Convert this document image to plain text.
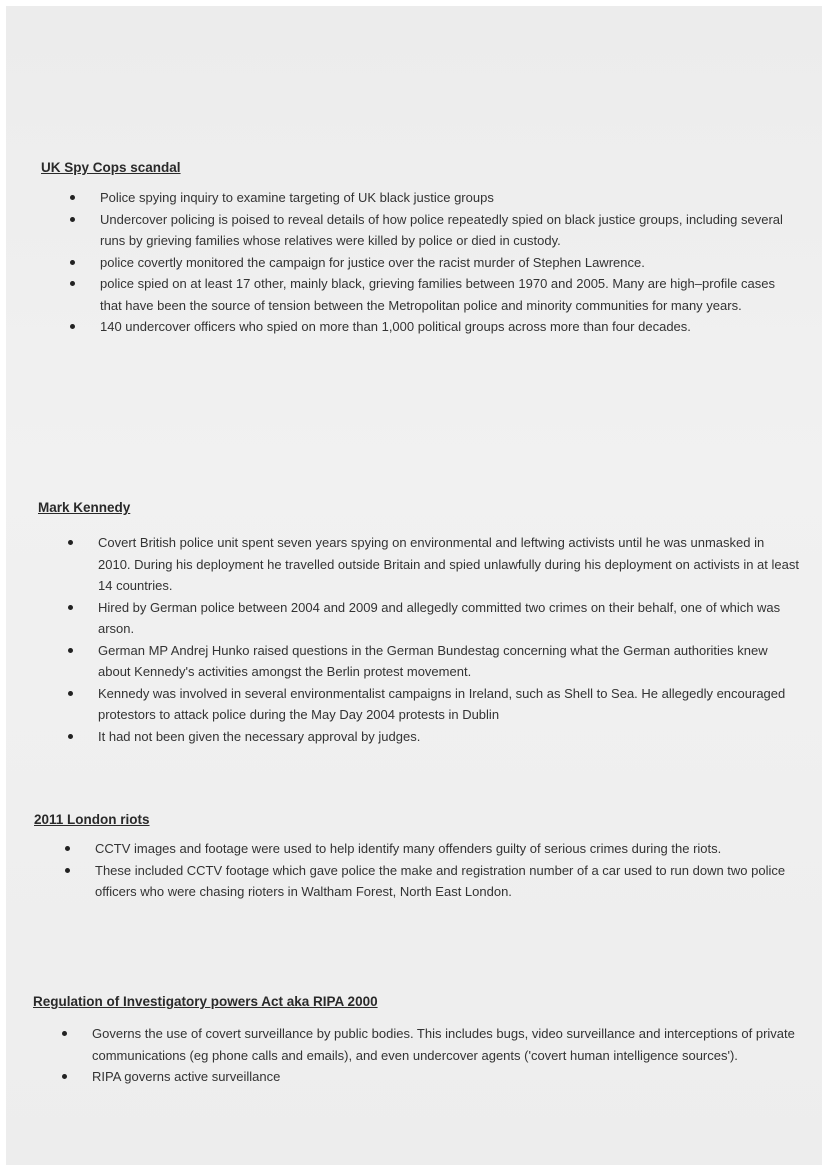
UK Spy Cops scandal
Police spying inquiry to examine targeting of UK black justice groups
Undercover policing is poised to reveal details of how police repeatedly spied on black justice groups, including several runs by grieving families whose relatives were killed by police or died in custody.
police covertly monitored the campaign for justice over the racist murder of Stephen Lawrence.
police spied on at least 17 other, mainly black, grieving families between 1970 and 2005. Many are high–profile cases that have been the source of tension between the Metropolitan police and minority communities for many years.
140 undercover officers who spied on more than 1,000 political groups across more than four decades.
Mark Kennedy
Covert British police unit spent seven years spying on environmental and leftwing activists until he was unmasked in 2010. During his deployment he travelled outside Britain and spied unlawfully during his deployment on activists in at least 14 countries.
Hired by German police between 2004 and 2009 and allegedly committed two crimes on their behalf, one of which was arson.
German MP Andrej Hunko raised questions in the German Bundestag concerning what the German authorities knew about Kennedy's activities amongst the Berlin protest movement.
Kennedy was involved in several environmentalist campaigns in Ireland, such as Shell to Sea. He allegedly encouraged protestors to attack police during the May Day 2004 protests in Dublin
It had not been given the necessary approval by judges.
2011 London riots
CCTV images and footage were used to help identify many offenders guilty of serious crimes during the riots.
These included CCTV footage which gave police the make and registration number of a car used to run down two police officers who were chasing rioters in Waltham Forest, North East London.
Regulation of Investigatory powers Act aka RIPA 2000
Governs the use of covert surveillance by public bodies. This includes bugs, video surveillance and interceptions of private communications (eg phone calls and emails), and even undercover agents ('covert human intelligence sources').
RIPA governs active surveillance
